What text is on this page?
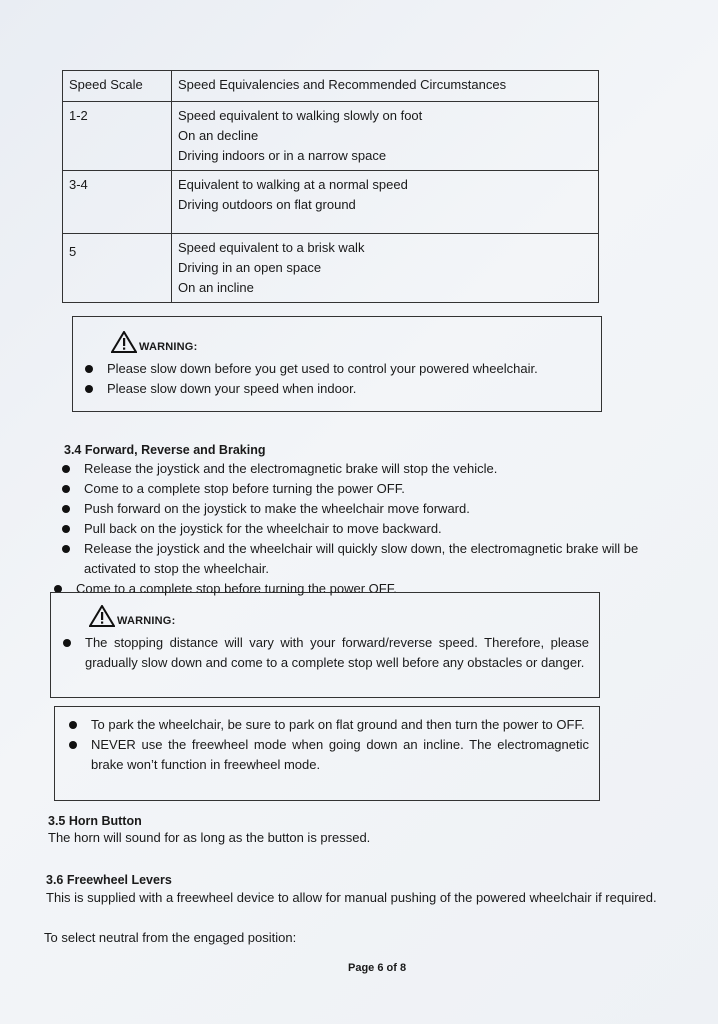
Speed Scale	Speed Equivalencies and Recommended Circumstances
1-2	Speed equivalent to walking slowly on foot
On an decline
Driving indoors or in a narrow space

3-4	Equivalent to walking at a normal speed
Driving outdoors on flat ground

5	Speed equivalent to a brisk walk
Driving in an open space
On an incline
WARNING:
Please slow down before you get used to control your powered wheelchair.
Please slow down your speed when indoor.
3.4 Forward, Reverse and Braking
Release the joystick and the electromagnetic brake will stop the vehicle.
Come to a complete stop before turning the power OFF.
Push forward on the joystick to make the wheelchair move forward.
Pull back on the joystick for the wheelchair to move backward.
Release the joystick and the wheelchair will quickly slow down, the electromagnetic brake will be activated to stop the wheelchair.
Come to a complete stop before turning the power OFF.
WARNING:
The stopping distance will vary with your forward/reverse speed. Therefore, please gradually slow down and come to a complete stop well before any obstacles or danger.
To park the wheelchair, be sure to park on flat ground and then turn the power to OFF.
NEVER use the freewheel mode when going down an incline. The electromagnetic brake won’t function in freewheel mode.
3.5 Horn Button
The horn will sound for as long as the button is pressed.
3.6 Freewheel Levers
This is supplied with a freewheel device to allow for manual pushing of the powered wheelchair if required.
To select neutral from the engaged position:
Page 6 of 8
